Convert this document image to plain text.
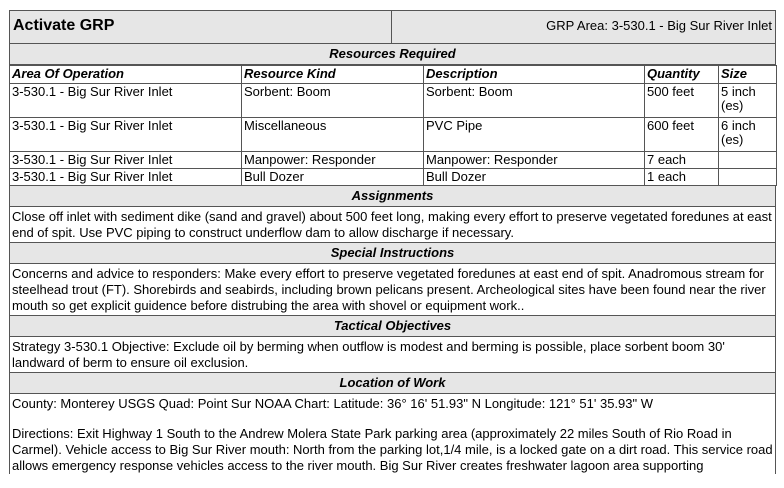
Activate GRP	GRP Area: 3-530.1 - Big Sur River Inlet
Resources Required
Area Of Operation	Resource Kind	Description	Quantity	Size
3-530.1 - Big Sur River Inlet	Sorbent: Boom	Sorbent: Boom	500 feet	5 inch (es)
3-530.1 - Big Sur River Inlet	Miscellaneous	PVC Pipe	600 feet	6 inch (es)
3-530.1 - Big Sur River Inlet	Manpower: Responder	Manpower: Responder	7 each	
3-530.1 - Big Sur River Inlet	Bull Dozer	Bull Dozer	1 each	
Assignments
Close off inlet with sediment dike (sand and gravel) about 500 feet long, making every effort to preserve vegetated foredunes at east end of spit. Use PVC piping to construct underflow dam to allow discharge if necessary.
Special Instructions
Concerns and advice to responders: Make every effort to preserve vegetated foredunes at east end of spit. Anadromous stream for steelhead trout (FT). Shorebirds and seabirds, including brown pelicans present. Archeological sites have been found near the river mouth so get explicit guidence before distrubing the area with shovel or equipment work..
Tactical Objectives
Strategy 3-530.1 Objective: Exclude oil by berming when outflow is modest and berming is possible, place sorbent boom 30' landward of berm to ensure oil exclusion.
Location of Work
County: Monterey USGS Quad: Point Sur NOAA Chart: Latitude: 36° 16' 51.93" N Longitude: 121° 51' 35.93" W
Directions: Exit Highway 1 South to the Andrew Molera State Park parking area (approximately 22 miles South of Rio Road in Carmel). Vehicle access to Big Sur River mouth: North from the parking lot,1/4 mile, is a locked gate on a dirt road. This service road allows emergency response vehicles access to the river mouth. Big Sur River creates freshwater lagoon area supporting
